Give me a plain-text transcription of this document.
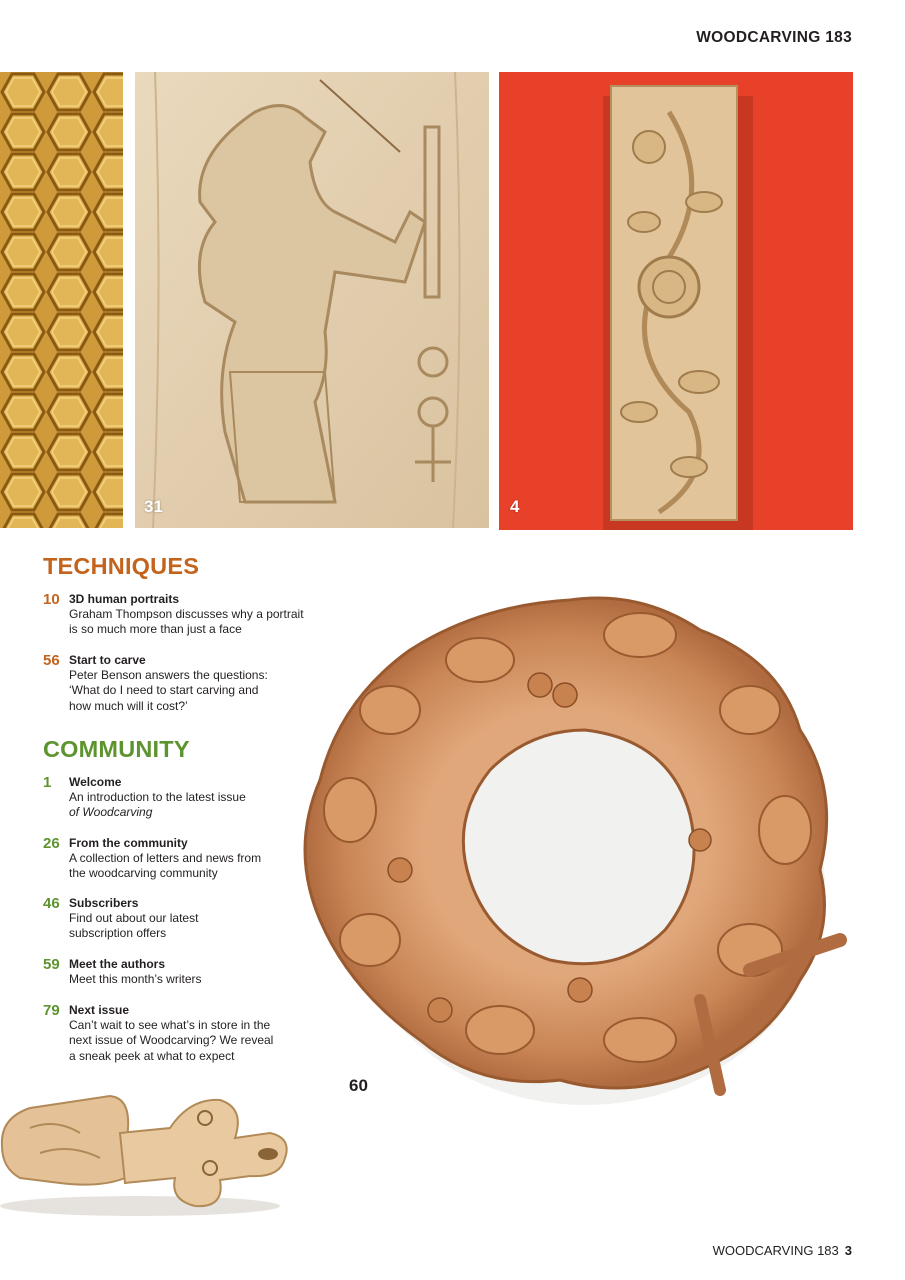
WOODCARVING 183
31	4
TECHNIQUES
10 3D human portraits
Graham Thompson discusses why a portrait
is so much more than just a face
56 Start to carve
Peter Benson answers the questions:
‘What do I need to start carving and
how much will it cost?’
COMMUNITY
1 Welcome
An introduction to the latest issue
of Woodcarving
26 From the community
A collection of letters and news from
the woodcarving community
46 Subscribers
Find out about our latest
subscription offers
59 Meet the authors
Meet this month’s writers
79 Next issue
Can’t wait to see what’s in store in the
next issue of Woodcarving? We reveal
a sneak peek at what to expect
60
WOODCARVING 183 3
